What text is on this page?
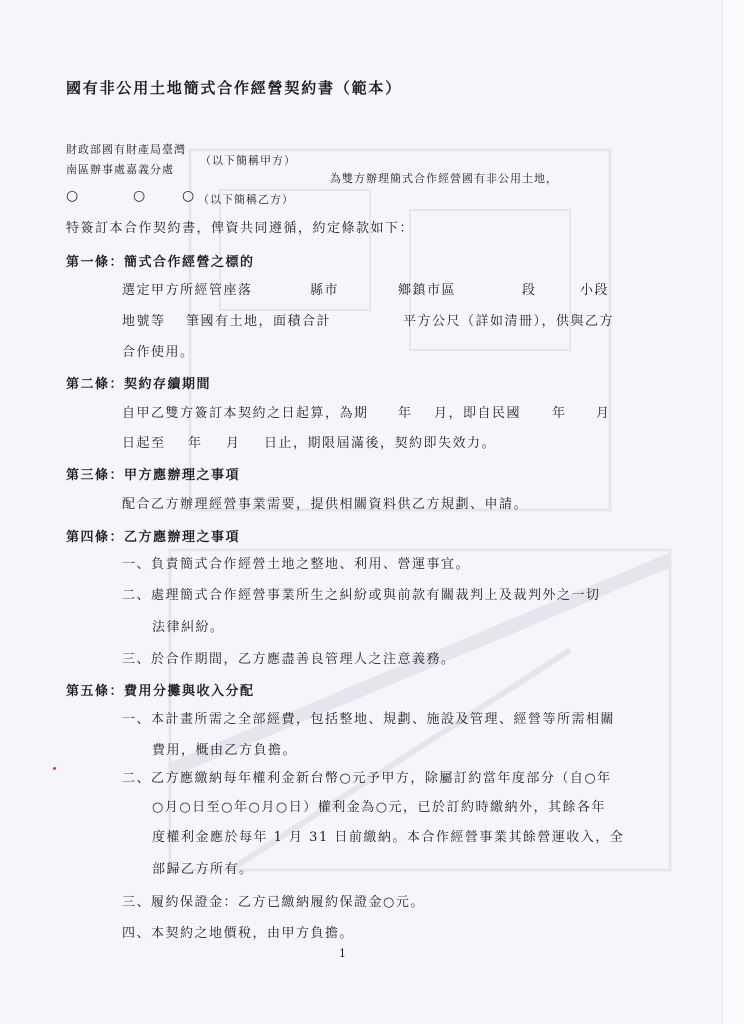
國有非公用土地簡式合作經營契約書（範本）
財政部國有財產局臺灣
南區辦事處嘉義分處
（以下簡稱甲方）
為雙方辦理簡式合作經營國有非公用土地，
○	○	○ （以下簡稱乙方）
特簽訂本合作契約書，俾資共同遵循，約定條款如下：
第一條：簡式合作經營之標的
選定甲方所經管座落	縣市	鄉鎮市區	段	小段
地號等 筆國有土地，面積合計	平方公尺（詳如清冊），供與乙方
合作使用。
第二條：契約存續期間
自甲乙雙方簽訂本契約之日起算，為期 年 月，即自民國 年 月
日起至 年 月 日止，期限屆滿後，契約即失效力。
第三條：甲方應辦理之事項
配合乙方辦理經營事業需要，提供相關資料供乙方規劃、申請。
第四條：乙方應辦理之事項
一、負責簡式合作經營土地之整地、利用、營運事宜。
二、處理簡式合作經營事業所生之糾紛或與前款有關裁判上及裁判外之一切
法律糾紛。
三、於合作期間，乙方應盡善良管理人之注意義務。
第五條：費用分攤與收入分配
一、本計畫所需之全部經費，包括整地、規劃、施設及管理、經營等所需相關
費用，概由乙方負擔。
二、乙方應繳納每年權利金新台幣○元予甲方，除屬訂約當年度部分（自○年
○月○日至○年○月○日）權利金為○元，已於訂約時繳納外，其餘各年
度權利金應於每年 1 月 31 日前繳納。本合作經營事業其餘營運收入，全
部歸乙方所有。
三、履約保證金：乙方已繳納履約保證金○元。
四、本契約之地價稅，由甲方負擔。
1
